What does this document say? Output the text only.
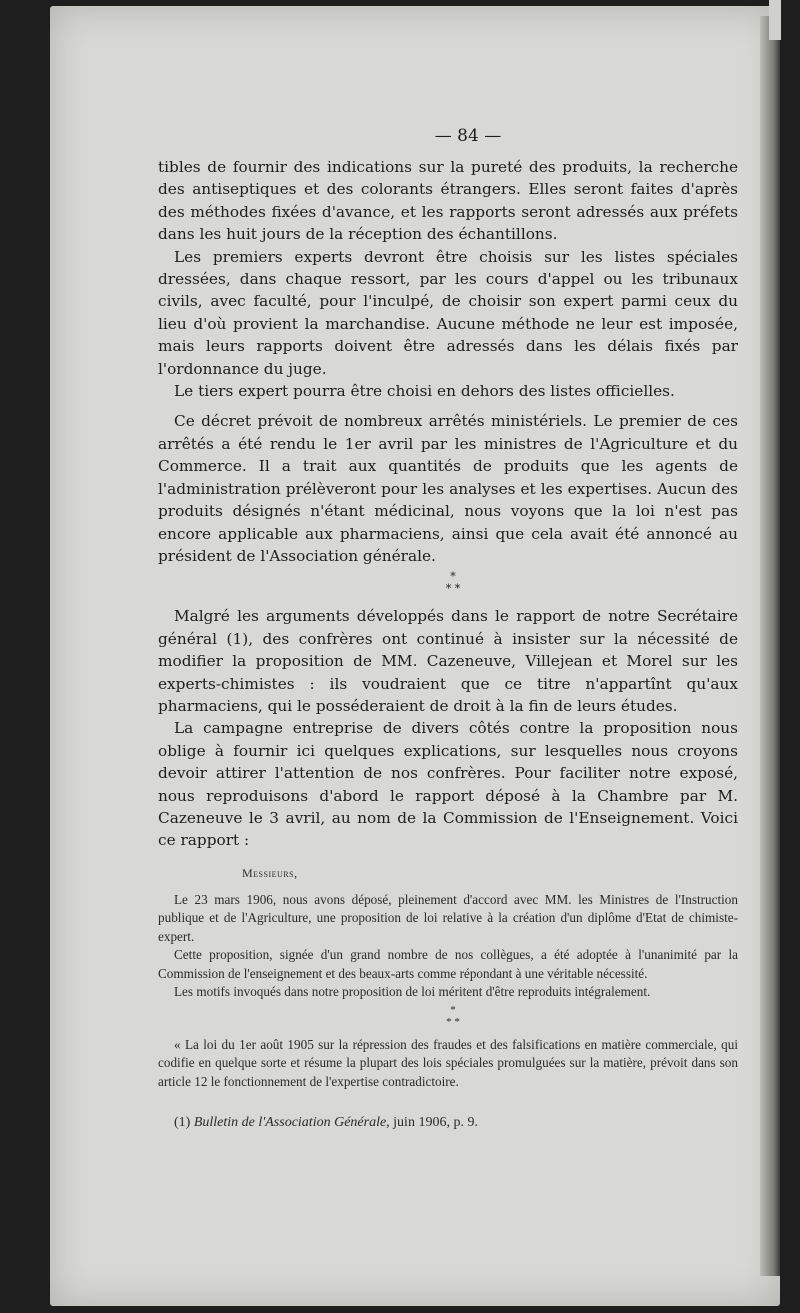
— 84 —

tibles de fournir des indications sur la pureté des produits, la recherche des antiseptiques et des colorants étrangers. Elles seront faites d'après des méthodes fixées d'avance, et les rapports seront adressés aux préfets dans les huit jours de la réception des échantillons.

Les premiers experts devront être choisis sur les listes spéciales dressées, dans chaque ressort, par les cours d'appel ou les tribunaux civils, avec faculté, pour l'inculpé, de choisir son expert parmi ceux du lieu d'où provient la marchandise. Aucune méthode ne leur est imposée, mais leurs rapports doivent être adressés dans les délais fixés par l'ordonnance du juge.

Le tiers expert pourra être choisi en dehors des listes officielles.

Ce décret prévoit de nombreux arrêtés ministériels. Le premier de ces arrêtés a été rendu le 1er avril par les ministres de l'Agriculture et du Commerce. Il a trait aux quantités de produits que les agents de l'administration prélèveront pour les analyses et les expertises. Aucun des produits désignés n'étant médicinal, nous voyons que la loi n'est pas encore applicable aux pharmaciens, ainsi que cela avait été annoncé au président de l'Association générale.

*
* *

Malgré les arguments développés dans le rapport de notre Secrétaire général (1), des confrères ont continué à insister sur la nécessité de modifier la proposition de MM. Cazeneuve, Villejean et Morel sur les experts-chimistes : ils voudraient que ce titre n'appartînt qu'aux pharmaciens, qui le posséderaient de droit à la fin de leurs études.

La campagne entreprise de divers côtés contre la proposition nous oblige à fournir ici quelques explications, sur lesquelles nous croyons devoir attirer l'attention de nos confrères. Pour faciliter notre exposé, nous reproduisons d'abord le rapport déposé à la Chambre par M. Cazeneuve le 3 avril, au nom de la Commission de l'Enseignement. Voici ce rapport :

Messieurs,

Le 23 mars 1906, nous avons déposé, pleinement d'accord avec MM. les Ministres de l'Instruction publique et de l'Agriculture, une proposition de loi relative à la création d'un diplôme d'Etat de chimiste-expert.

Cette proposition, signée d'un grand nombre de nos collègues, a été adoptée à l'unanimité par la Commission de l'enseignement et des beaux-arts comme répondant à une véritable nécessité.

Les motifs invoqués dans notre proposition de loi méritent d'être reproduits intégralement.

*
* *

« La loi du 1er août 1905 sur la répression des fraudes et des falsifications en matière commerciale, qui codifie en quelque sorte et résume la plupart des lois spéciales promulguées sur la matière, prévoit dans son article 12 le fonctionnement de l'expertise contradictoire.

(1) Bulletin de l'Association Générale, juin 1906, p. 9.
